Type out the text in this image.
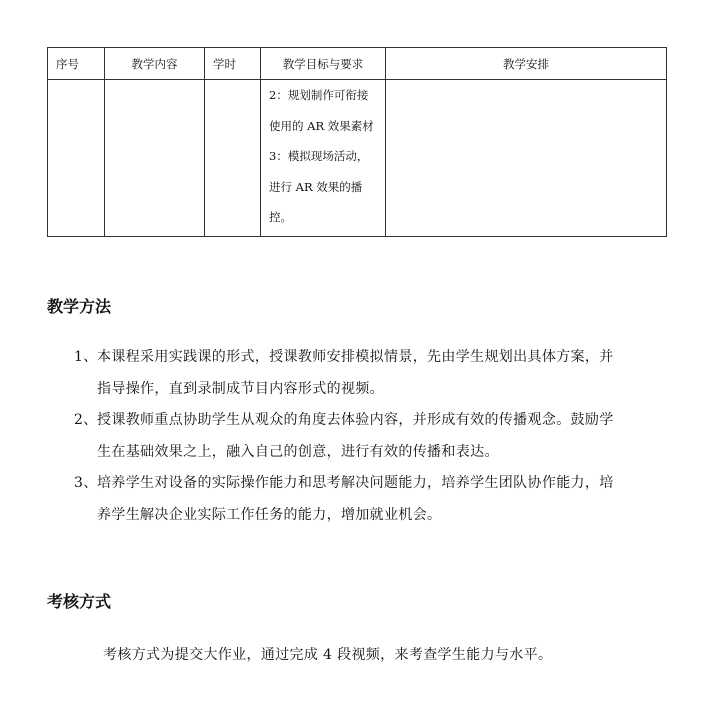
序号	教学内容	学时	教学目标与要求	教学安排

			2：规划制作可衔接
使用的 AR 效果素材
3：模拟现场活动，
进行 AR 效果的播
控。	

教学方法
1、 本课程采用实践课的形式，授课教师安排模拟情景，先由学生规划出具体方案，并
指导操作，直到录制成节目内容形式的视频。
2、 授课教师重点协助学生从观众的角度去体验内容，并形成有效的传播观念。鼓励学
生在基础效果之上，融入自己的创意，进行有效的传播和表达。
3、 培养学生对设备的实际操作能力和思考解决问题能力，培养学生团队协作能力，培
养学生解决企业实际工作任务的能力，增加就业机会。
考核方式

考核方式为提交大作业，通过完成 4 段视频，来考查学生能力与水平。
